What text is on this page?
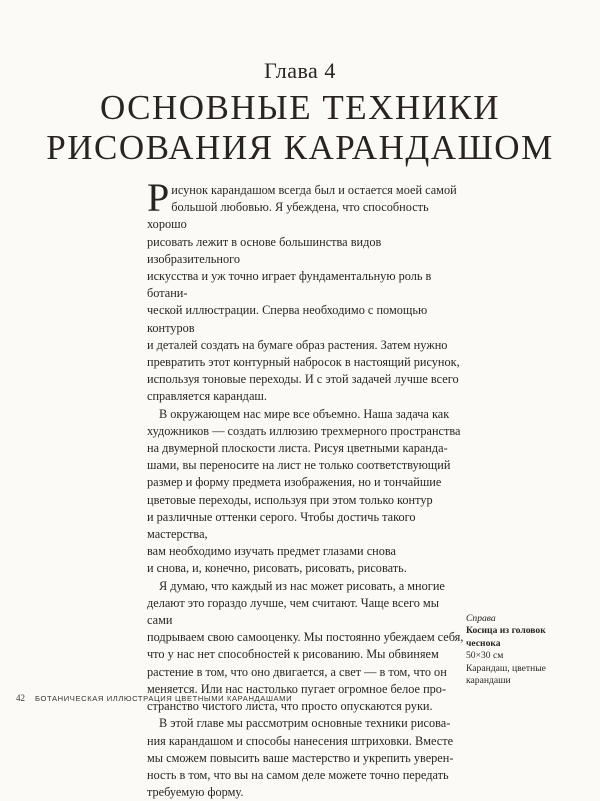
Глава 4
ОСНОВНЫЕ ТЕХНИКИ
РИСОВАНИЯ КАРАНДАШОМ

Рисунок карандашом всегда был и остается моей самой
большой любовью. Я убеждена, что способность хорошо
рисовать лежит в основе большинства видов изобразительного
искусства и уж точно играет фундаментальную роль в ботани-
ческой иллюстрации. Сперва необходимо с помощью контуров
и деталей создать на бумаге образ растения. Затем нужно
превратить этот контурный набросок в настоящий рисунок,
используя тоновые переходы. И с этой задачей лучше всего
справляется карандаш.

В окружающем нас мире все объемно. Наша задача как
художников — создать иллюзию трехмерного пространства
на двумерной плоскости листа. Рисуя цветными каранда-
шами, вы переносите на лист не только соответствующий
размер и форму предмета изображения, но и тончайшие
цветовые переходы, используя при этом только контур
и различные оттенки серого. Чтобы достичь такого мастерства,
вам необходимо изучать предмет глазами снова
и снова, и, конечно, рисовать, рисовать, рисовать.

Я думаю, что каждый из нас может рисовать, а многие
делают это гораздо лучше, чем считают. Чаще всего мы сами
подрываем свою самооценку. Мы постоянно убеждаем себя,
что у нас нет способностей к рисованию. Мы обвиняем
растение в том, что оно двигается, а свет — в том, что он
меняется. Или нас настолько пугает огромное белое про-
странство чистого листа, что просто опускаются руки.

В этой главе мы рассмотрим основные техники рисова-
ния карандашом и способы нанесения штриховки. Вместе
мы сможем повысить ваше мастерство и укрепить уверен-
ность в том, что вы на самом деле можете точно передать
требуемую форму.

Справа
Косица из головок
чеснока
50×30 см
Карандаш, цветные
карандаши
42 БОТАНИЧЕСКАЯ ИЛЛЮСТРАЦИЯ ЦВЕТНЫМИ КАРАНДАШАМИ
